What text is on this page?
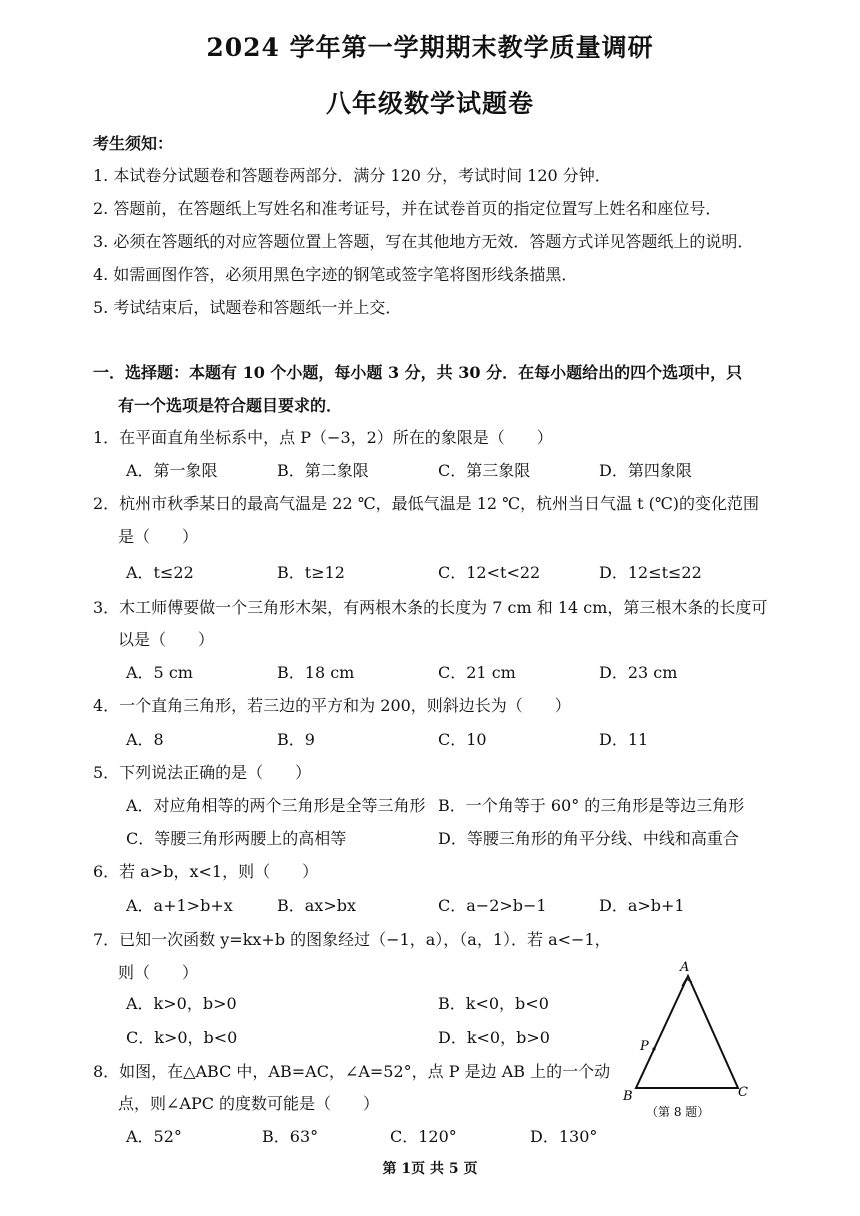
2024 学年第一学期期末教学质量调研
八年级数学试题卷
考生须知：
1. 本试卷分试题卷和答题卷两部分．满分 120 分，考试时间 120 分钟．
2. 答题前，在答题纸上写姓名和准考证号，并在试卷首页的指定位置写上姓名和座位号．
3. 必须在答题纸的对应答题位置上答题，写在其他地方无效．答题方式详见答题纸上的说明．
4. 如需画图作答，必须用黑色字迹的钢笔或签字笔将图形线条描黑．
5. 考试结束后，试题卷和答题纸一并上交．
一．选择题：本题有 10 个小题，每小题 3 分，共 30 分．在每小题给出的四个选项中，只
有一个选项是符合题目要求的．
1．在平面直角坐标系中，点 P（−3，2）所在的象限是（　　）
A．第一象限	B．第二象限	C．第三象限	D．第四象限
2．杭州市秋季某日的最高气温是 22 ℃，最低气温是 12 ℃，杭州当日气温 t (℃)的变化范围
是（　　）
A．t≤22	B．t≥12	C．12<t<22	D．12≤t≤22
3．木工师傅要做一个三角形木架，有两根木条的长度为 7 cm 和 14 cm，第三根木条的长度可
以是（　　）
A．5 cm	B．18 cm	C．21 cm	D．23 cm
4．一个直角三角形，若三边的平方和为 200，则斜边长为（　　）
A．8	B．9	C．10	D．11
5．下列说法正确的是（　　）
A．对应角相等的两个三角形是全等三角形 B．一个角等于 60° 的三角形是等边三角形
C．等腰三角形两腰上的高相等	D．等腰三角形的角平分线、中线和高重合
6．若 a>b，x<1，则（　　）
A．a+1>b+x	B．ax>bx	C．a−2>b−1	D．a>b+1
7．已知一次函数 y=kx+b 的图象经过（−1，a），（a，1）．若 a<−1，
则（　　）
A．k>0，b>0	B．k<0，b<0
C．k>0，b<0	D．k<0，b>0
8．如图，在△ABC 中，AB=AC，∠A=52°，点 P 是边 AB 上的一个动
点，则∠APC 的度数可能是（　　）
A．52°	B．63°	C．120°	D．130°
A
B	C
P
（第 8 题）
第 1页 共 5 页
